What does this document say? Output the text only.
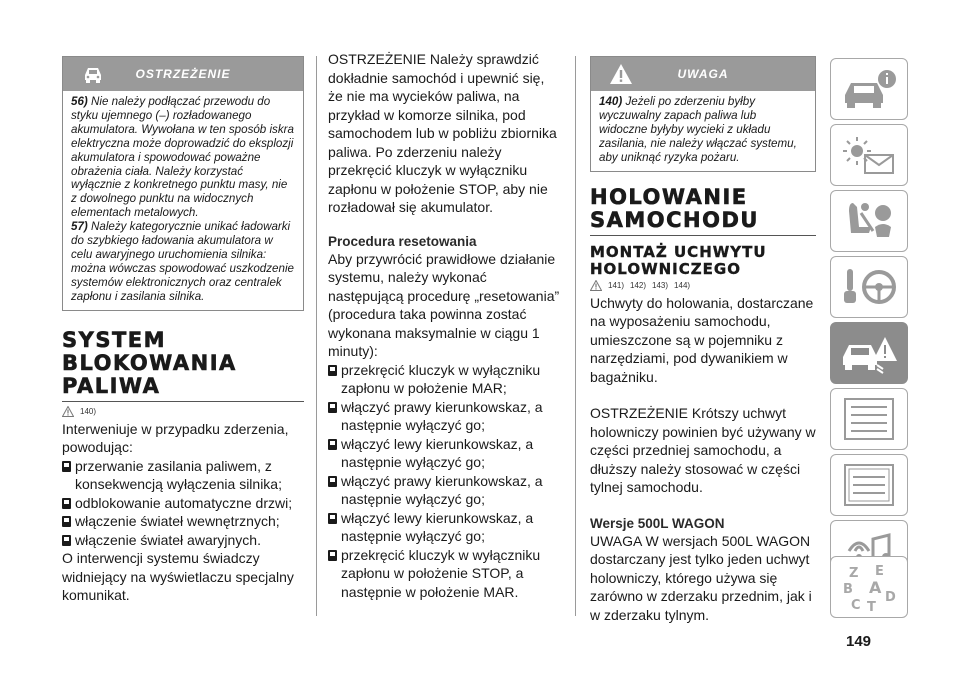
OSTRZEŻENIE

56) Nie należy podłączać przewodu do styku ujemnego (–) rozładowanego akumulatora. Wywołana w ten sposób iskra elektryczna może doprowadzić do eksplozji akumulatora i spowodować poważne obrażenia ciała. Należy korzystać wyłącznie z konkretnego punktu masy, nie z dowolnego punktu na widocznych elementach metalowych.

57) Należy kategorycznie unikać ładowarki do szybkiego ładowania akumulatora w celu awaryjnego uruchomienia silnika: można wówczas spowodować uszkodzenie systemów elektronicznych oraz centralek zapłonu i zasilania silnika.

SYSTEM

BLOKOWANIA

PALIWA

140)

Interweniuje w przypadku zderzenia, powodując:

przerwanie zasilania paliwem, z konsekwencją wyłączenia silnika;
odblokowanie automatyczne drzwi;
włączenie świateł wewnętrznych;
włączenie świateł awaryjnych.

O interwencji systemu świadczy widniejący na wyświetlaczu specjalny komunikat.

OSTRZEŻENIE Należy sprawdzić dokładnie samochód i upewnić się, że nie ma wycieków paliwa, na przykład w komorze silnika, pod samochodem lub w pobliżu zbiornika paliwa. Po zderzeniu należy przekręcić kluczyk w wyłączniku zapłonu w położenie STOP, aby nie rozładował się akumulator.

Procedura resetowania

Aby przywrócić prawidłowe działanie systemu, należy wykonać następującą procedurę „resetowania” (procedura taka powinna zostać wykonana maksymalnie w ciągu 1 minuty):

przekręcić kluczyk w wyłączniku zapłonu w położenie MAR;
włączyć prawy kierunkowskaz, a następnie wyłączyć go;
włączyć lewy kierunkowskaz, a następnie wyłączyć go;
włączyć prawy kierunkowskaz, a następnie wyłączyć go;
włączyć lewy kierunkowskaz, a następnie wyłączyć go;
przekręcić kluczyk w wyłączniku zapłonu w położenie STOP, a następnie w położenie MAR.
UWAGA

140) Jeżeli po zderzeniu byłby wyczuwalny zapach paliwa lub widoczne byłyby wycieki z układu zasilania, nie należy włączać systemu, aby uniknąć ryzyka pożaru.

HOLOWANIE

SAMOCHODU

MONTAŻ UCHWYTU

HOLOWNICZEGO

141) 142) 143) 144)

Uchwyty do holowania, dostarczane na wyposażeniu samochodu, umieszczone są w pojemniku z narzędziami, pod dywanikiem w bagażniku.

OSTRZEŻENIE Krótszy uchwyt holowniczy powinien być używany w części przedniej samochodu, a dłuższy należy stosować w części tylnej samochodu.

Wersje 500L WAGON

UWAGA W wersjach 500L WAGON dostarczany jest tylko jeden uchwyt holowniczy, którego używa się zarówno w zderzaku przednim, jak i w zderzaku tylnym.

Z E
B A
C
D
T
149
